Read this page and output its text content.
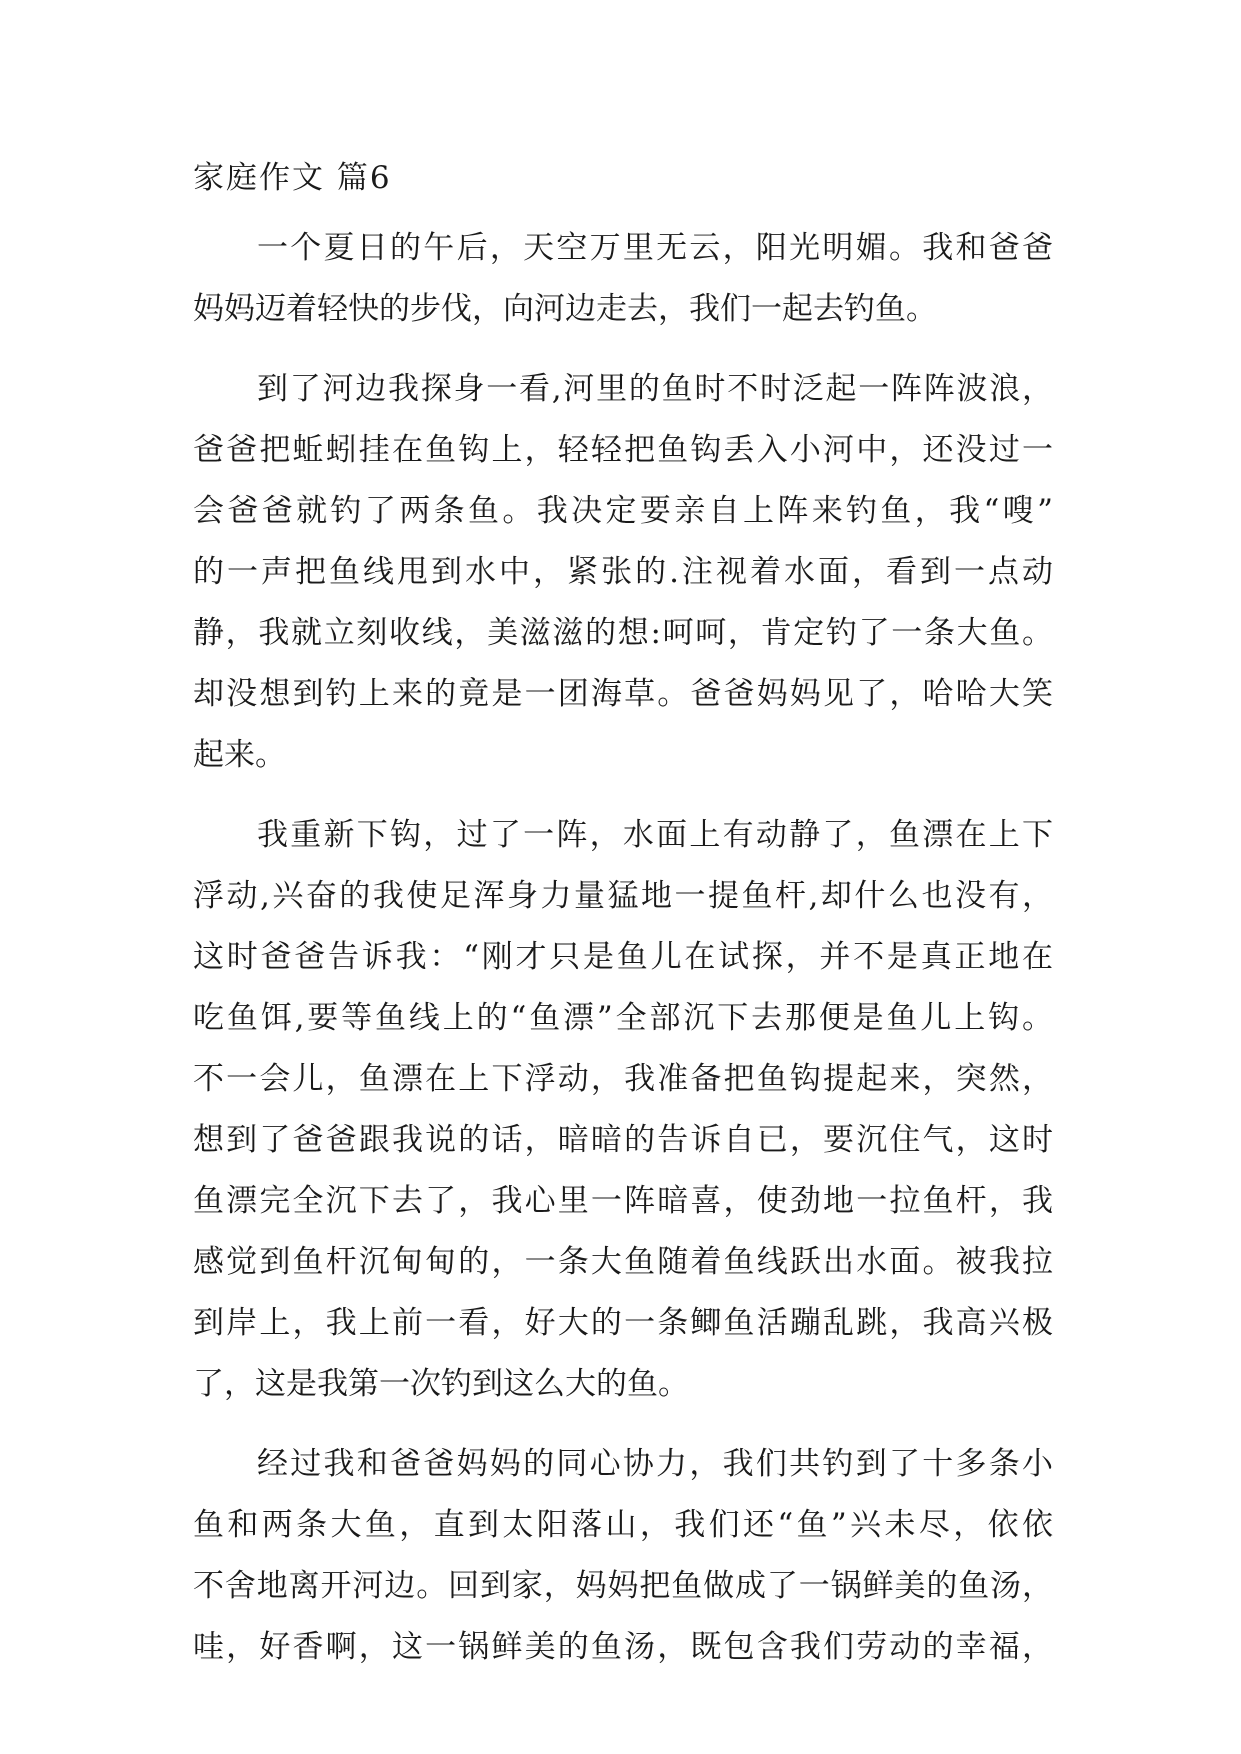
家庭作文 篇6
一个夏日的午后，天空万里无云，阳光明媚。我和爸爸
妈妈迈着轻快的步伐，向河边走去，我们一起去钓鱼。
到了河边我探身一看,河里的鱼时不时泛起一阵阵波浪，
爸爸把蚯蚓挂在鱼钩上，轻轻把鱼钩丢入小河中，还没过一
会爸爸就钓了两条鱼。我决定要亲自上阵来钓鱼，我“嗖”
的一声把鱼线甩到水中，紧张的.注视着水面，看到一点动
静，我就立刻收线，美滋滋的想:呵呵，肯定钓了一条大鱼。
却没想到钓上来的竟是一团海草。爸爸妈妈见了，哈哈大笑
起来。
我重新下钩，过了一阵，水面上有动静了，鱼漂在上下
浮动,兴奋的我使足浑身力量猛地一提鱼杆,却什么也没有，
这时爸爸告诉我：“刚才只是鱼儿在试探，并不是真正地在
吃鱼饵,要等鱼线上的“鱼漂”全部沉下去那便是鱼儿上钩。
不一会儿，鱼漂在上下浮动，我准备把鱼钩提起来，突然，
想到了爸爸跟我说的话，暗暗的告诉自已，要沉住气，这时
鱼漂完全沉下去了，我心里一阵暗喜，使劲地一拉鱼杆，我
感觉到鱼杆沉甸甸的，一条大鱼随着鱼线跃出水面。被我拉
到岸上，我上前一看，好大的一条鲫鱼活蹦乱跳，我高兴极
了，这是我第一次钓到这么大的鱼。
经过我和爸爸妈妈的同心协力，我们共钓到了十多条小
鱼和两条大鱼，直到太阳落山，我们还“鱼”兴未尽，依依
不舍地离开河边。回到家，妈妈把鱼做成了一锅鲜美的鱼汤，
哇，好香啊，这一锅鲜美的鱼汤，既包含我们劳动的幸福，
